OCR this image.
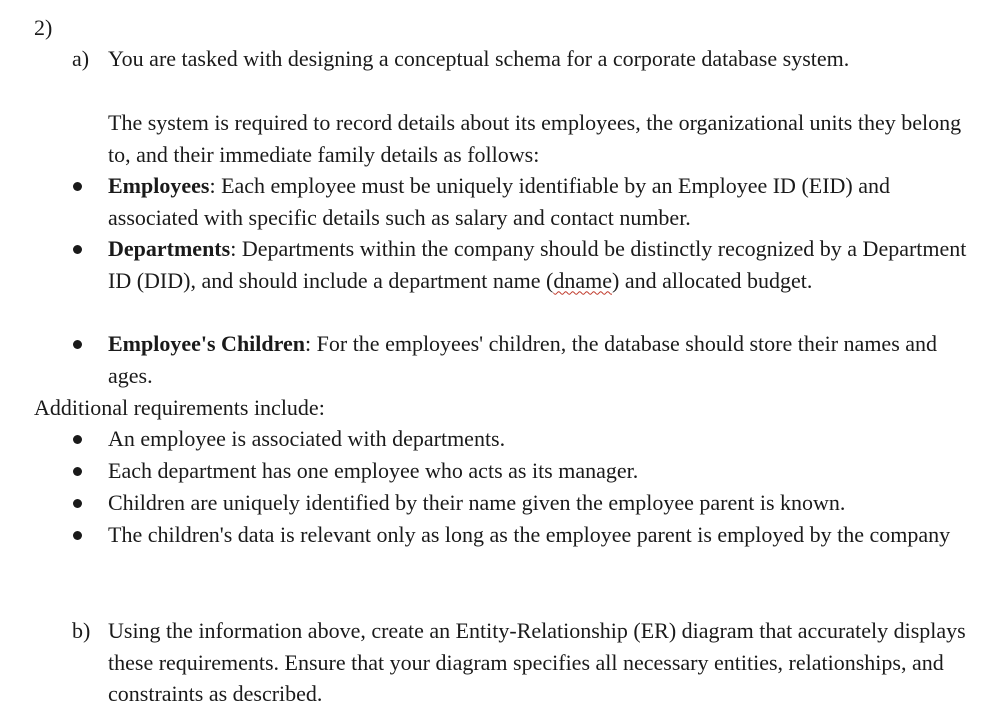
2)
a) You are tasked with designing a conceptual schema for a corporate database system.
The system is required to record details about its employees, the organizational units they belong to, and their immediate family details as follows:
Employees: Each employee must be uniquely identifiable by an Employee ID (EID) and associated with specific details such as salary and contact number.
Departments: Departments within the company should be distinctly recognized by a Department ID (DID), and should include a department name (dname) and allocated budget.
Employee's Children: For the employees' children, the database should store their names and ages.
Additional requirements include:
An employee is associated with departments.
Each department has one employee who acts as its manager.
Children are uniquely identified by their name given the employee parent is known.
The children's data is relevant only as long as the employee parent is employed by the company
b) Using the information above, create an Entity-Relationship (ER) diagram that accurately displays these requirements. Ensure that your diagram specifies all necessary entities, relationships, and constraints as described.
